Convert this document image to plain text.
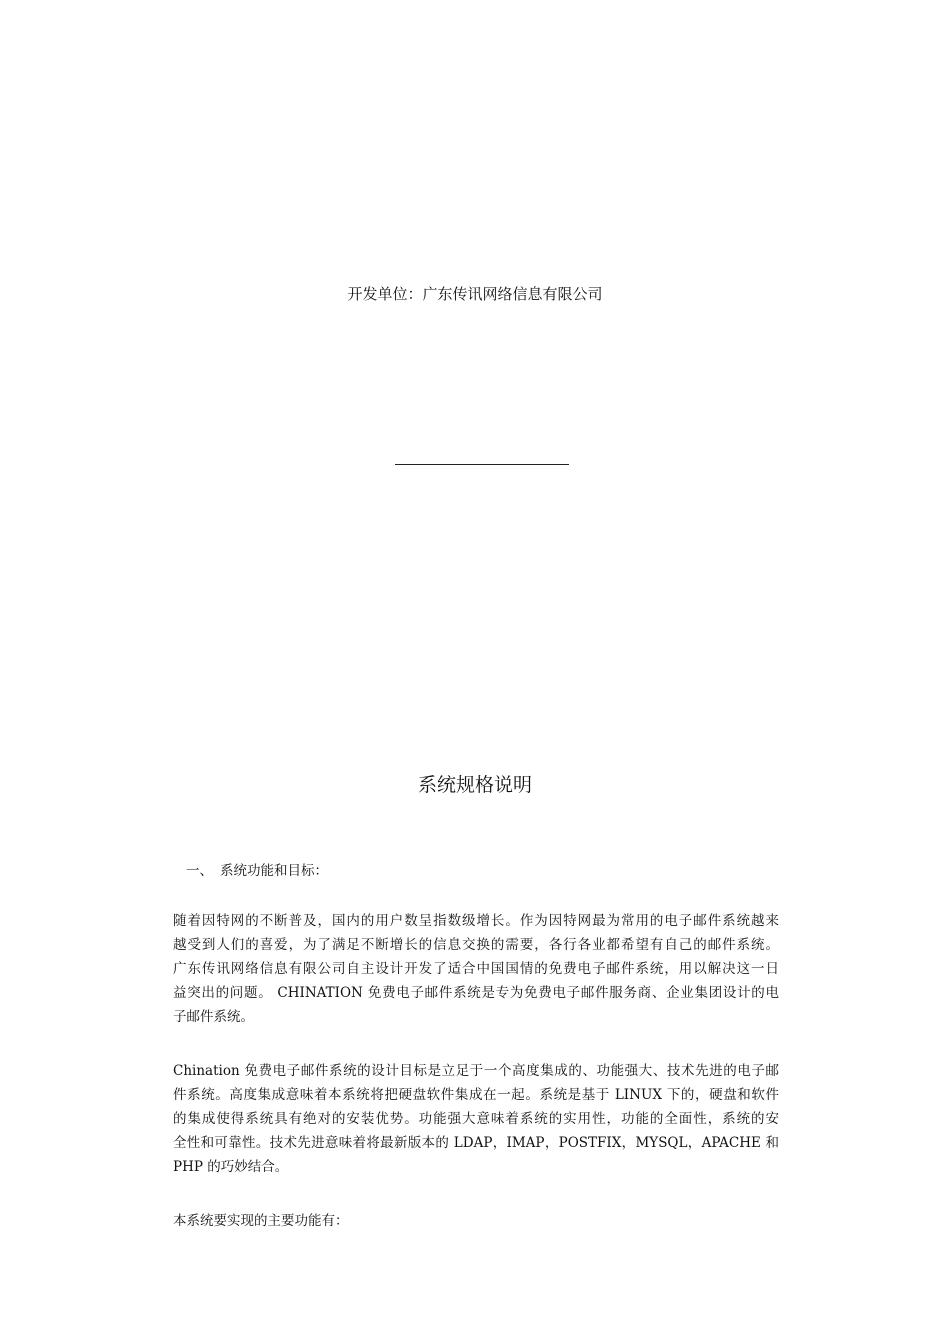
开发单位：广东传讯网络信息有限公司
系统规格说明
一、 系统功能和目标：

随着因特网的不断普及，国内的用户数呈指数级增长。作为因特网最为常用的电子邮件系统越来
越受到人们的喜爱，为了满足不断增长的信息交换的需要，各行各业都希望有自己的邮件系统。
广东传讯网络信息有限公司自主设计开发了适合中国国情的免费电子邮件系统，用以解决这一日
益突出的问题。 CHINATION 免费电子邮件系统是专为免费电子邮件服务商、企业集团设计的电
子邮件系统。

Chination 免费电子邮件系统的设计目标是立足于一个高度集成的、功能强大、技术先进的电子邮
件系统。高度集成意味着本系统将把硬盘软件集成在一起。系统是基于 LINUX 下的，硬盘和软件
的集成使得系统具有绝对的安装优势。功能强大意味着系统的实用性，功能的全面性，系统的安
全性和可靠性。技术先进意味着将最新版本的 LDAP，IMAP，POSTFIX，MYSQL，APACHE 和
PHP 的巧妙结合。

本系统要实现的主要功能有：
